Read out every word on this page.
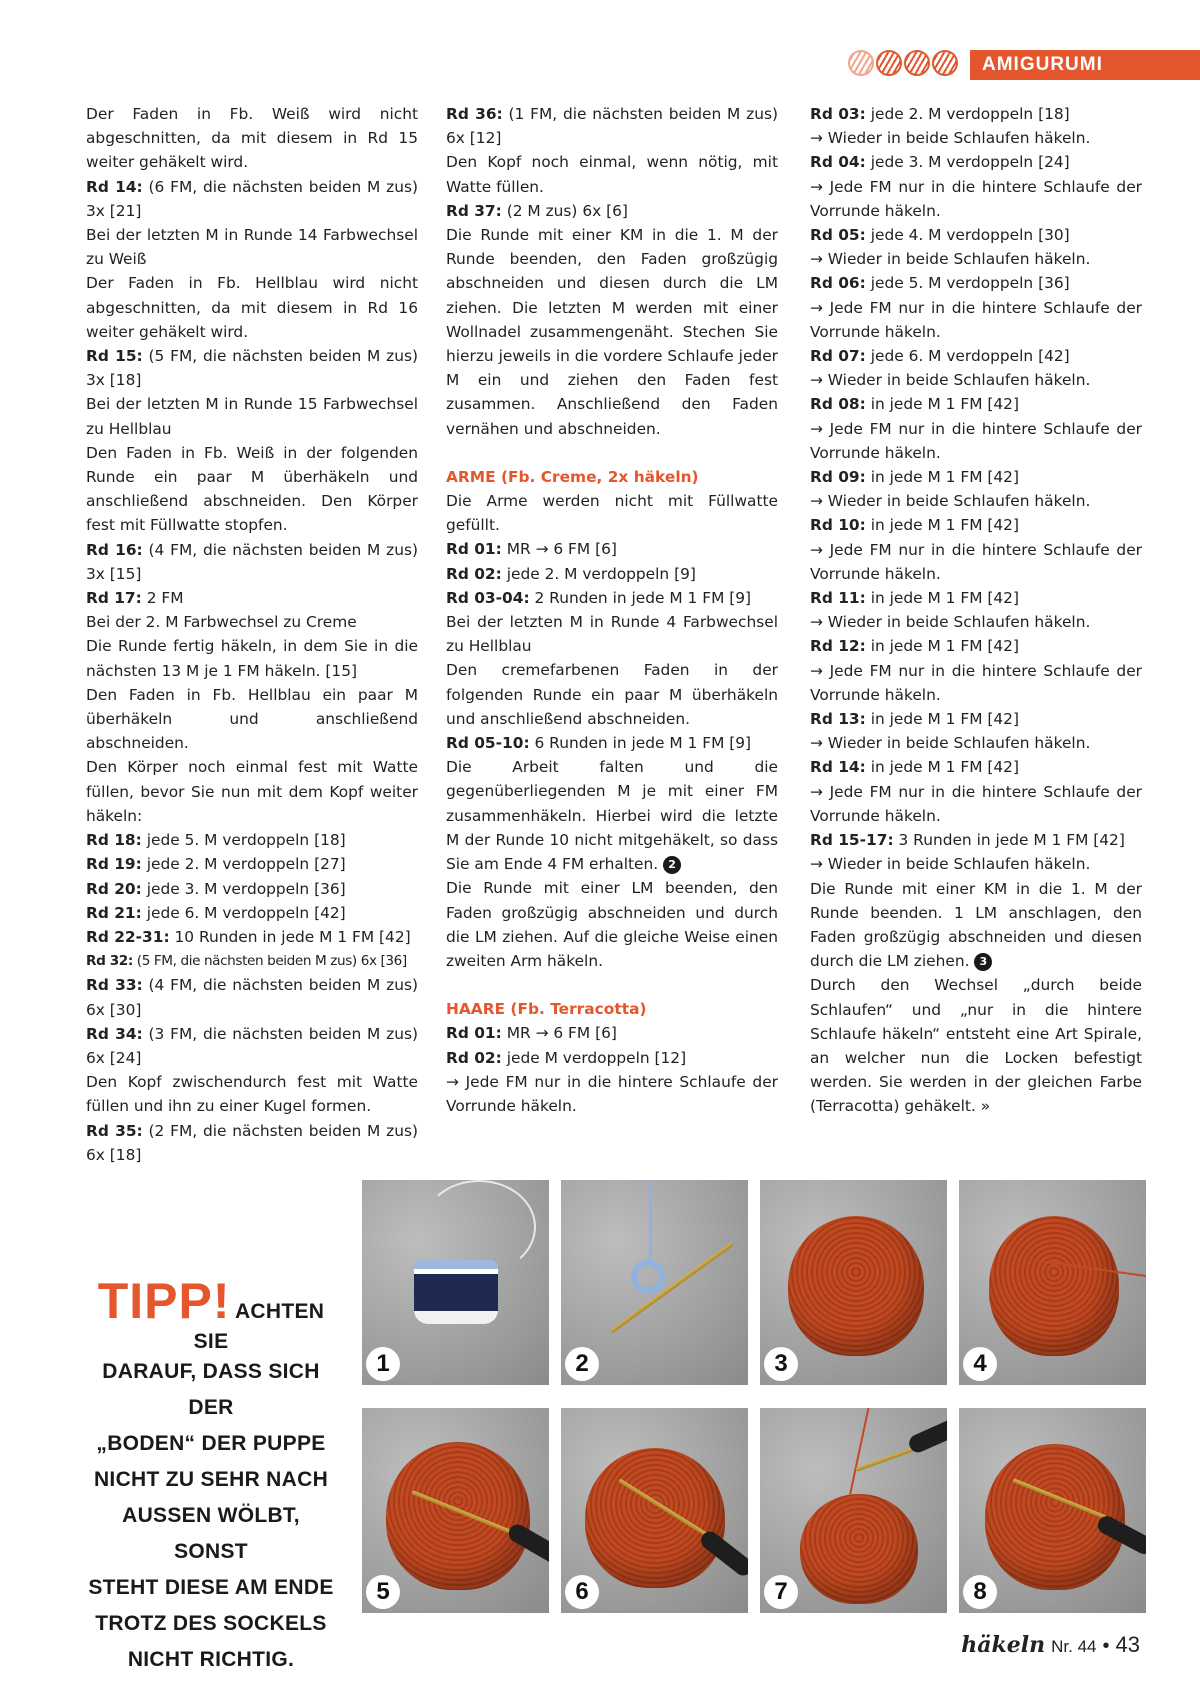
AMIGURUMI

Der Faden in Fb. Weiß wird nicht abgeschnitten, da mit diesem in Rd 15 weiter gehäkelt wird.

Rd 14: (6 FM, die nächsten beiden M zus) 3x [21]

Bei der letzten M in Runde 14 Farbwechsel zu Weiß

Der Faden in Fb. Hellblau wird nicht abgeschnitten, da mit diesem in Rd 16 weiter gehäkelt wird.

Rd 15: (5 FM, die nächsten beiden M zus) 3x [18]

Bei der letzten M in Runde 15 Farbwechsel zu Hellblau

Den Faden in Fb. Weiß in der folgenden Runde ein paar M überhäkeln und anschließend abschneiden. Den Körper fest mit Füllwatte stopfen.

Rd 16: (4 FM, die nächsten beiden M zus) 3x [15]

Rd 17: 2 FM

Bei der 2. M Farbwechsel zu Creme

Die Runde fertig häkeln, in dem Sie in die nächsten 13 M je 1 FM häkeln. [15]

Den Faden in Fb. Hellblau ein paar M überhäkeln und anschließend abschneiden.

Den Körper noch einmal fest mit Watte füllen, bevor Sie nun mit dem Kopf weiter häkeln:

Rd 18: jede 5. M verdoppeln [18]

Rd 19: jede 2. M verdoppeln [27]

Rd 20: jede 3. M verdoppeln [36]

Rd 21: jede 6. M verdoppeln [42]

Rd 22-31: 10 Runden in jede M 1 FM [42]

Rd 32: (5 FM, die nächsten beiden M zus) 6x [36]

Rd 33: (4 FM, die nächsten beiden M zus) 6x [30]

Rd 34: (3 FM, die nächsten beiden M zus) 6x [24]

Den Kopf zwischendurch fest mit Watte füllen und ihn zu einer Kugel formen.

Rd 35: (2 FM, die nächsten beiden M zus) 6x [18]

Rd 36: (1 FM, die nächsten beiden M zus) 6x [12]

Den Kopf noch einmal, wenn nötig, mit Watte füllen.

Rd 37: (2 M zus) 6x [6]

Die Runde mit einer KM in die 1. M der Runde beenden, den Faden großzügig abschneiden und diesen durch die LM ziehen. Die letzten M werden mit einer Wollnadel zusammengenäht. Stechen Sie hierzu jeweils in die vordere Schlaufe jeder M ein und ziehen den Faden fest zusammen. Anschließend den Faden vernähen und abschneiden.

ARME (Fb. Creme, 2x häkeln)

Die Arme werden nicht mit Füllwatte gefüllt.

Rd 01: MR → 6 FM [6]

Rd 02: jede 2. M verdoppeln [9]

Rd 03-04: 2 Runden in jede M 1 FM [9]

Bei der letzten M in Runde 4 Farbwechsel zu Hellblau

Den cremefarbenen Faden in der folgenden Runde ein paar M überhäkeln und anschließend abschneiden.

Rd 05-10: 6 Runden in jede M 1 FM [9]

Die Arbeit falten und die gegenüberliegenden M je mit einer FM zusammenhäkeln. Hierbei wird die letzte M der Runde 10 nicht mitgehäkelt, so dass Sie am Ende 4 FM erhalten. 2

Die Runde mit einer LM beenden, den Faden großzügig abschneiden und durch die LM ziehen. Auf die gleiche Weise einen zweiten Arm häkeln.

HAARE (Fb. Terracotta)

Rd 01: MR → 6 FM [6]

Rd 02: jede M verdoppeln [12]

→ Jede FM nur in die hintere Schlaufe der Vorrunde häkeln.

Rd 03: jede 2. M verdoppeln [18]

→ Wieder in beide Schlaufen häkeln.

Rd 04: jede 3. M verdoppeln [24]

→ Jede FM nur in die hintere Schlaufe der Vorrunde häkeln.

Rd 05: jede 4. M verdoppeln [30]

→ Wieder in beide Schlaufen häkeln.

Rd 06: jede 5. M verdoppeln [36]

→ Jede FM nur in die hintere Schlaufe der Vorrunde häkeln.

Rd 07: jede 6. M verdoppeln [42]

→ Wieder in beide Schlaufen häkeln.

Rd 08: in jede M 1 FM [42]

→ Jede FM nur in die hintere Schlaufe der Vorrunde häkeln.

Rd 09: in jede M 1 FM [42]

→ Wieder in beide Schlaufen häkeln.

Rd 10: in jede M 1 FM [42]

→ Jede FM nur in die hintere Schlaufe der Vorrunde häkeln.

Rd 11: in jede M 1 FM [42]

→ Wieder in beide Schlaufen häkeln.

Rd 12: in jede M 1 FM [42]

→ Jede FM nur in die hintere Schlaufe der Vorrunde häkeln.

Rd 13: in jede M 1 FM [42]

→ Wieder in beide Schlaufen häkeln.

Rd 14: in jede M 1 FM [42]

→ Jede FM nur in die hintere Schlaufe der Vorrunde häkeln.

Rd 15-17: 3 Runden in jede M 1 FM [42]

→ Wieder in beide Schlaufen häkeln.

Die Runde mit einer KM in die 1. M der Runde beenden. 1 LM anschlagen, den Faden großzügig abschneiden und diesen durch die LM ziehen. 3

Durch den Wechsel „durch beide Schlaufen“ und „nur in die hintere Schlaufe häkeln“ entsteht eine Art Spirale, an welcher nun die Locken befestigt werden. Sie werden in der gleichen Farbe (Terracotta) gehäkelt. »

TIPP! ACHTEN SIE
DARAUF, DASS SICH DER
„BODEN“ DER PUPPE
NICHT ZU SEHR NACH
AUSSEN WÖLBT, SONST
STEHT DIESE AM ENDE
TROTZ DES SOCKELS
NICHT RICHTIG.
1	2	3	4
5	6	7	8
häkeln Nr. 44 • 43
